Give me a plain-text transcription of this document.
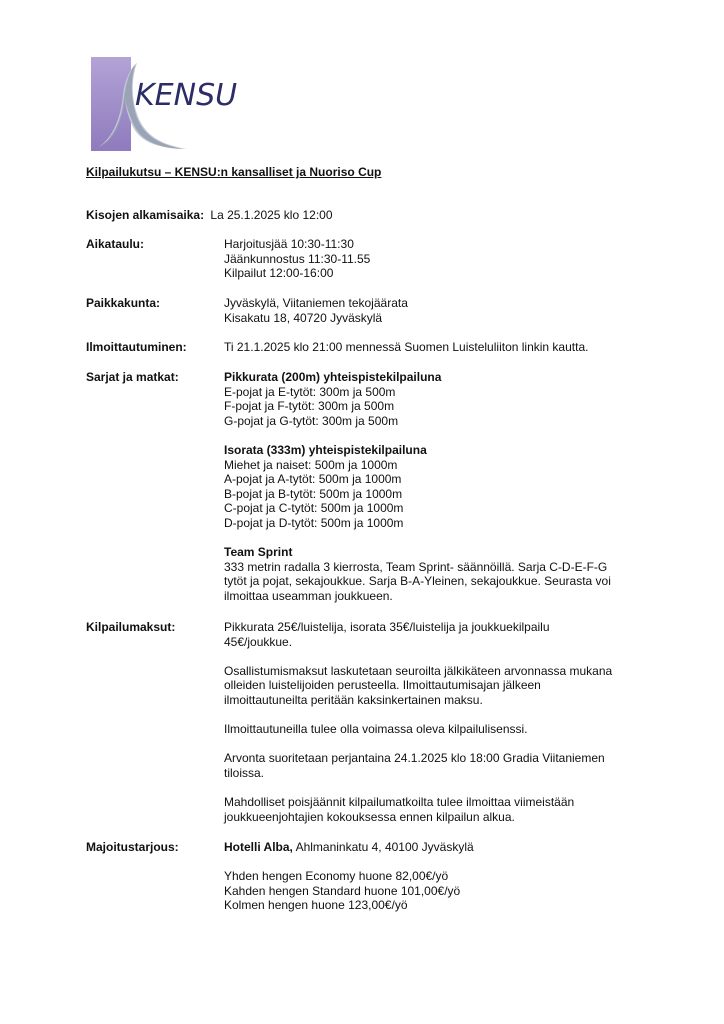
KENSU
Kilpailukutsu – KENSU:n kansalliset ja Nuoriso Cup
Kisojen alkamisaika: La 25.1.2025 klo 12:00
Aikataulu:	Harjoitusjää 10:30-11:30

Jäänkunnostus 11:30-11.55

Kilpailut 12:00-16:00

Paikkakunta:	Jyväskylä, Viitaniemen tekojäärata

Kisakatu 18, 40720 Jyväskylä

Ilmoittautuminen:	Ti 21.1.2025 klo 21:00 mennessä Suomen Luisteluliiton linkin kautta.
Sarjat ja matkat:	Pikkurata (200m) yhteispistekilpailuna

E-pojat ja E-tytöt: 300m ja 500m

F-pojat ja F-tytöt: 300m ja 500m

G-pojat ja G-tytöt: 300m ja 500m

Isorata (333m) yhteispistekilpailuna

Miehet ja naiset: 500m ja 1000m

A-pojat ja A-tytöt: 500m ja 1000m

B-pojat ja B-tytöt: 500m ja 1000m

C-pojat ja C-tytöt: 500m ja 1000m

D-pojat ja D-tytöt: 500m ja 1000m

Team Sprint

333 metrin radalla 3 kierrosta, Team Sprint- säännöillä. Sarja C-D-E-F-G

tytöt ja pojat, sekajoukkue. Sarja B-A-Yleinen, sekajoukkue. Seurasta voi

ilmoittaa useamman joukkueen.

Kilpailumaksut:	Pikkurata 25€/luistelija, isorata 35€/luistelija ja joukkuekilpailu

45€/joukkue.

Osallistumismaksut laskutetaan seuroilta jälkikäteen arvonnassa mukana

olleiden luistelijoiden perusteella. Ilmoittautumisajan jälkeen

ilmoittautuneilta peritään kaksinkertainen maksu.

Ilmoittautuneilla tulee olla voimassa oleva kilpailulisenssi.

Arvonta suoritetaan perjantaina 24.1.2025 klo 18:00 Gradia Viitaniemen

tiloissa.

Mahdolliset poisjäännit kilpailumatkoilta tulee ilmoittaa viimeistään

joukkueenjohtajien kokouksessa ennen kilpailun alkua.

Majoitustarjous:	Hotelli Alba, Ahlmaninkatu 4, 40100 Jyväskylä

Yhden hengen Economy huone 82,00€/yö

Kahden hengen Standard huone 101,00€/yö

Kolmen hengen huone 123,00€/yö
